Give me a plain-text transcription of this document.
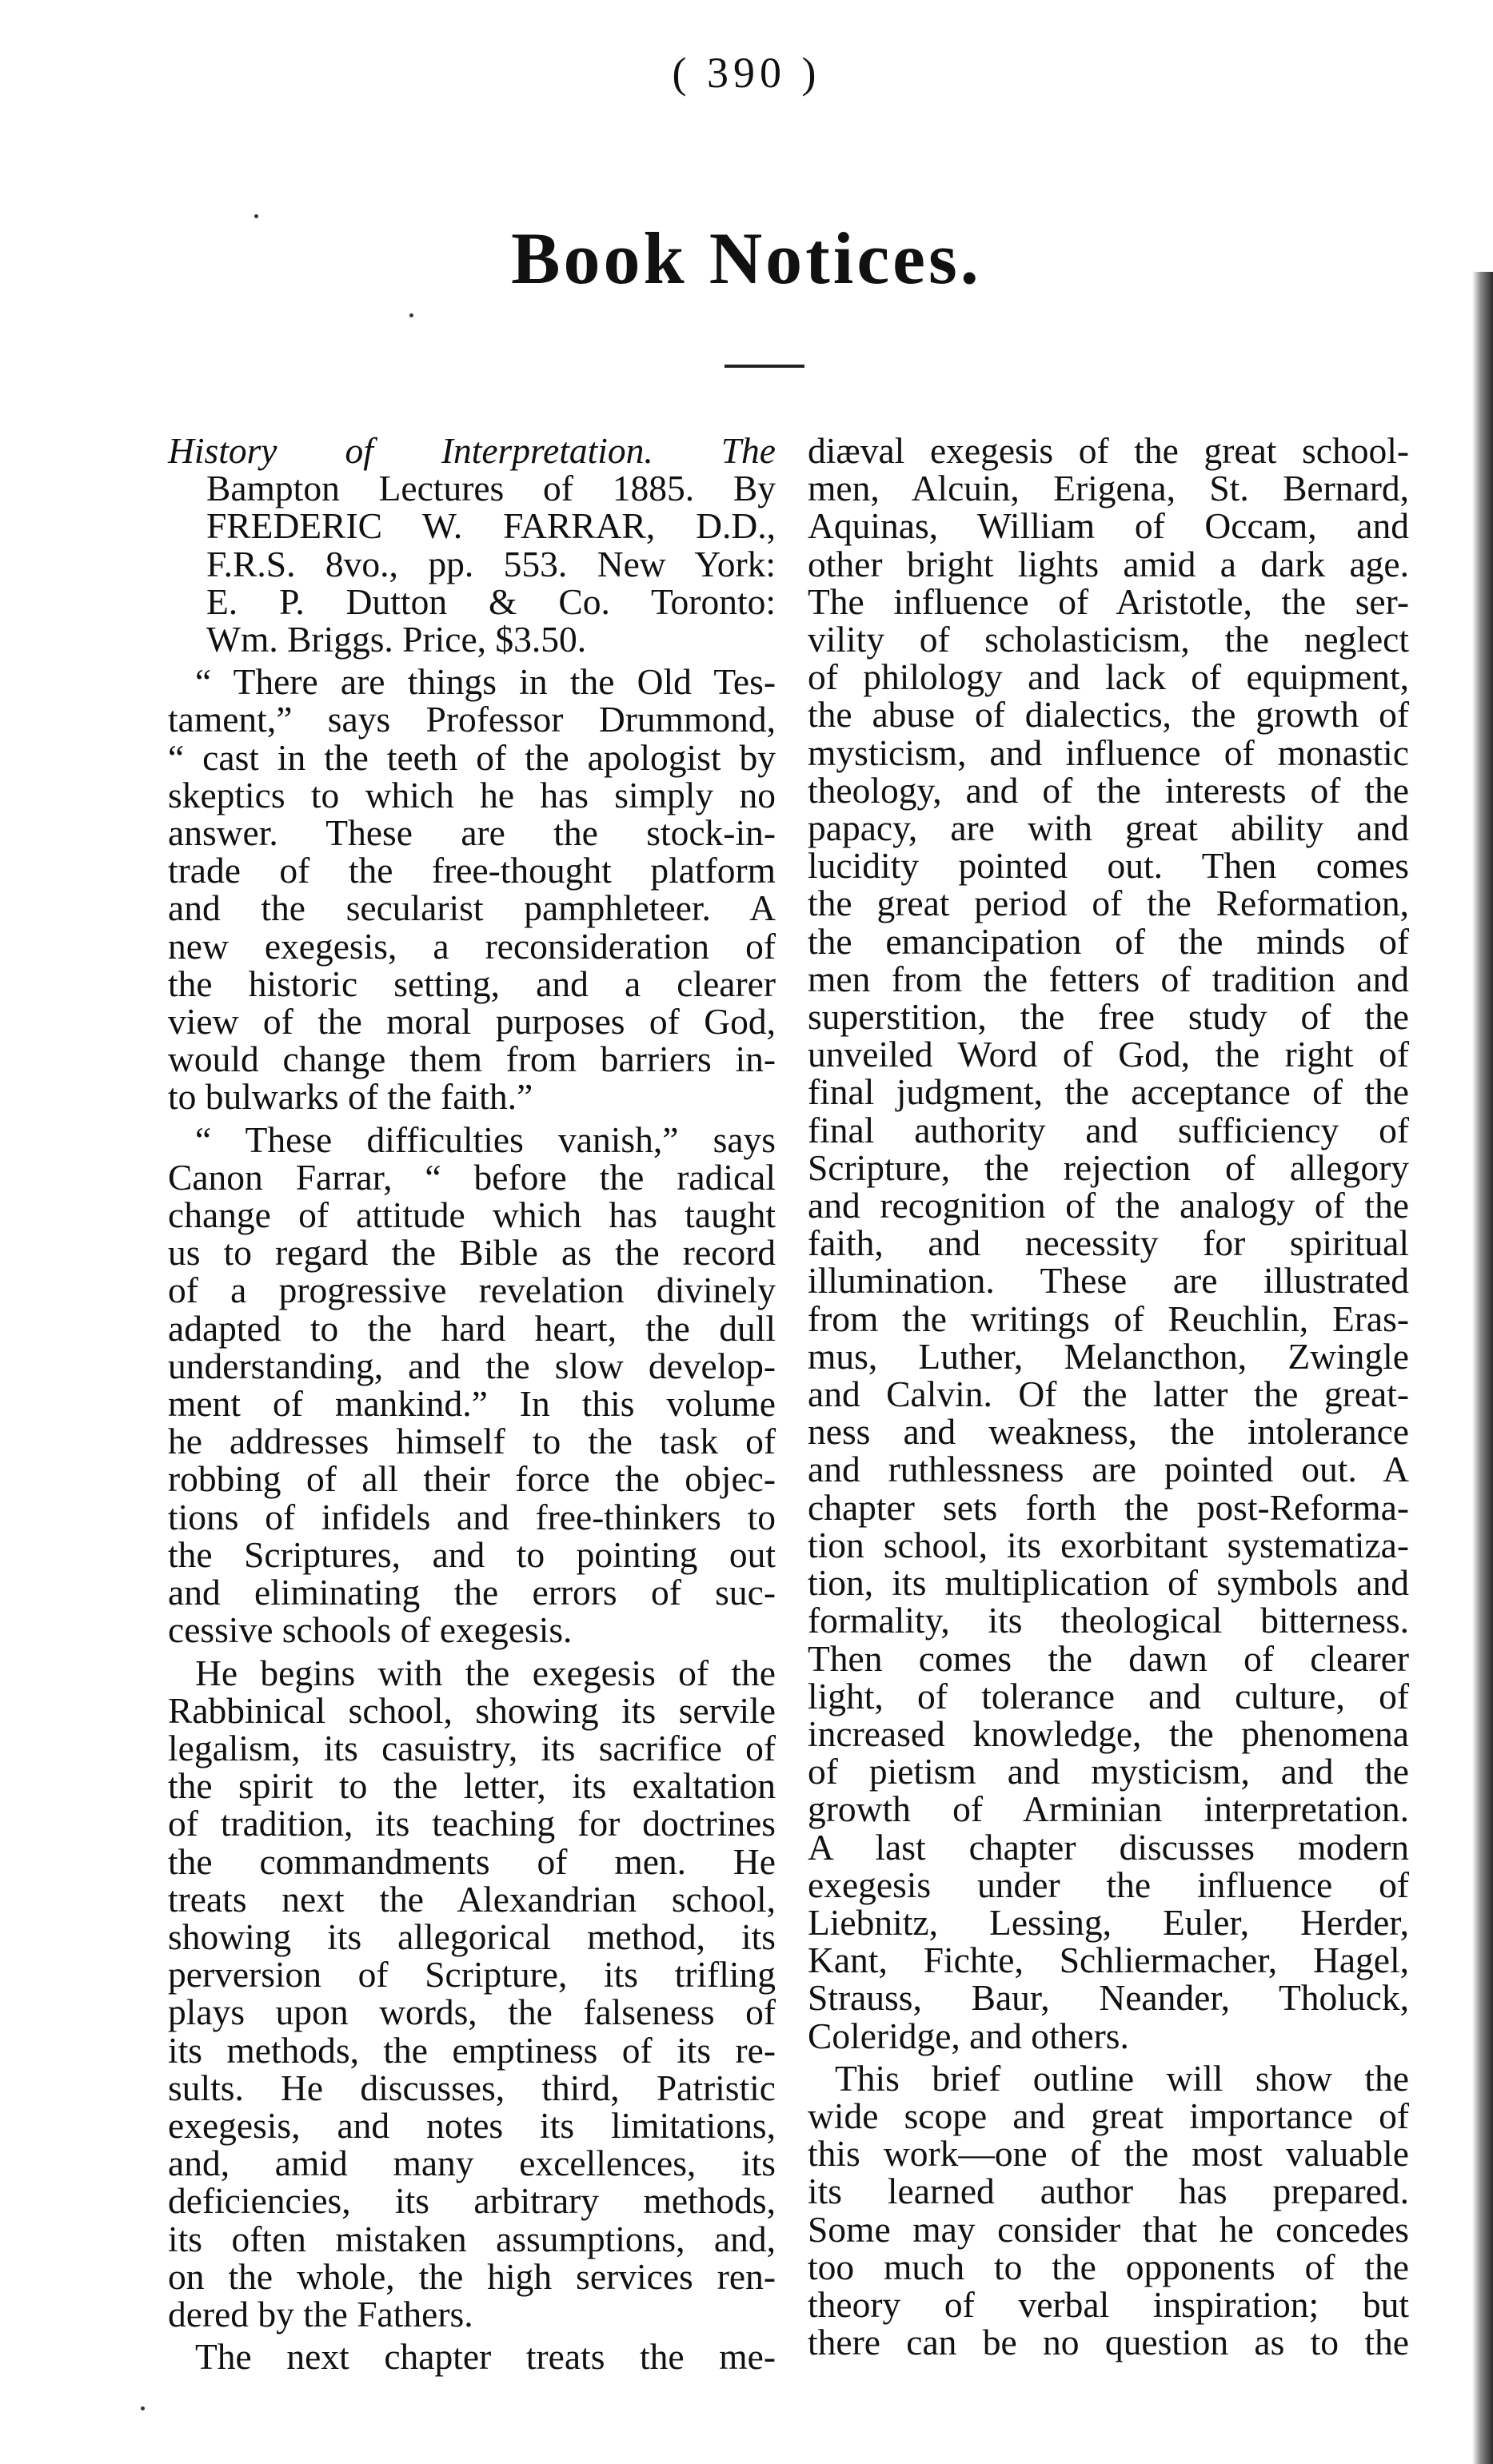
( 390 )
Book Notices.
History of Interpretation. The
Bampton Lectures of 1885. By
FREDERIC W. FARRAR, D.D.,
F.R.S. 8vo., pp. 553. New York:
E. P. Dutton & Co. Toronto:
Wm. Briggs. Price, $3.50.
“ There are things in the Old Tes-
tament,” says Professor Drummond,
“ cast in the teeth of the apologist by
skeptics to which he has simply no
answer. These are the stock-in-
trade of the free-thought platform
and the secularist pamphleteer. A
new exegesis, a reconsideration of
the historic setting, and a clearer
view of the moral purposes of God,
would change them from barriers in-
to bulwarks of the faith.”
“ These difficulties vanish,” says
Canon Farrar, “ before the radical
change of attitude which has taught
us to regard the Bible as the record
of a progressive revelation divinely
adapted to the hard heart, the dull
understanding, and the slow develop-
ment of mankind.” In this volume
he addresses himself to the task of
robbing of all their force the objec-
tions of infidels and free-thinkers to
the Scriptures, and to pointing out
and eliminating the errors of suc-
cessive schools of exegesis.
He begins with the exegesis of the
Rabbinical school, showing its servile
legalism, its casuistry, its sacrifice of
the spirit to the letter, its exaltation
of tradition, its teaching for doctrines
the commandments of men. He
treats next the Alexandrian school,
showing its allegorical method, its
perversion of Scripture, its trifling
plays upon words, the falseness of
its methods, the emptiness of its re-
sults. He discusses, third, Patristic
exegesis, and notes its limitations,
and, amid many excellences, its
deficiencies, its arbitrary methods,
its often mistaken assumptions, and,
on the whole, the high services ren-
dered by the Fathers.
The next chapter treats the me-
diæval exegesis of the great school-
men, Alcuin, Erigena, St. Bernard,
Aquinas, William of Occam, and
other bright lights amid a dark age.
The influence of Aristotle, the ser-
vility of scholasticism, the neglect
of philology and lack of equipment,
the abuse of dialectics, the growth of
mysticism, and influence of monastic
theology, and of the interests of the
papacy, are with great ability and
lucidity pointed out. Then comes
the great period of the Reformation,
the emancipation of the minds of
men from the fetters of tradition and
superstition, the free study of the
unveiled Word of God, the right of
final judgment, the acceptance of the
final authority and sufficiency of
Scripture, the rejection of allegory
and recognition of the analogy of the
faith, and necessity for spiritual
illumination. These are illustrated
from the writings of Reuchlin, Eras-
mus, Luther, Melancthon, Zwingle
and Calvin. Of the latter the great-
ness and weakness, the intolerance
and ruthlessness are pointed out. A
chapter sets forth the post-Reforma-
tion school, its exorbitant systematiza-
tion, its multiplication of symbols and
formality, its theological bitterness.
Then comes the dawn of clearer
light, of tolerance and culture, of
increased knowledge, the phenomena
of pietism and mysticism, and the
growth of Arminian interpretation.
A last chapter discusses modern
exegesis under the influence of
Liebnitz, Lessing, Euler, Herder,
Kant, Fichte, Schliermacher, Hagel,
Strauss, Baur, Neander, Tholuck,
Coleridge, and others.
This brief outline will show the
wide scope and great importance of
this work—one of the most valuable
its learned author has prepared.
Some may consider that he concedes
too much to the opponents of the
theory of verbal inspiration; but
there can be no question as to the
